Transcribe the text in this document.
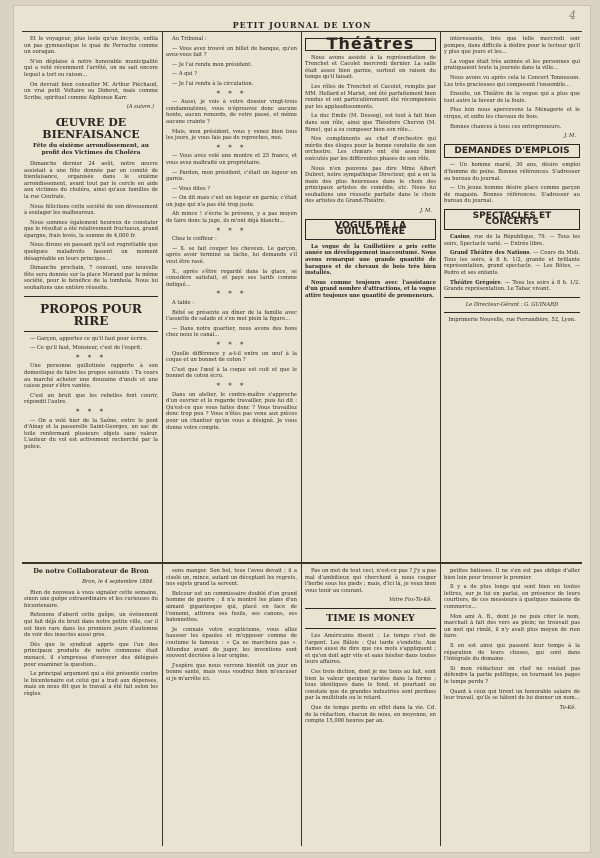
4
PETIT JOURNAL DE LYON

Et le voyageur, plus leste qu'un bicycle, enfila un pas gymnastique le quai de Perrache comme un ouragan.

N'en déplaise à notre honorable municipalité qui a voté récemment l'arrêté, on ne sait encore lequel a tort ou raison...

On devrait bien consulter M. Arthur Piéchaud, un vrai petit Voltaire ou Diderot, mais comme Scribe, spirituel comme Alphonse Karr.

(A suivre.)
ŒUVRE DE BIENFAISANCE
Fête du sixième arrondissement, au profit des Victimes du Choléra

Dimanche dernier 24 août, notre œuvre assistait à une fête donnée par un comité de bienfaisance, organisée dans le sixième arrondissement, avant tout par le cercle en aide aux victimes du choléra, ainsi qu'aux familles de la rue Centrale.

Nous félicitons cette société de son dévouement à soulager les malheureux.

Nous sommes également heureux de constater que le résultat a été relativement fructueux, grand épargne, frais levés, la somme de 4,000 fr.

Nous dirons en passant qu'il est regrettable que quelques maladroits fassent un moment désagréable en leurs principes...

Dimanche prochain, 7 courant, une nouvelle fête sera donnée sur la place Morand par la même société, pour le bénéfice de la tombola. Nous lui souhaitons une entière réussite.

PROPOS POUR RIRE

— Garçon, apportez ce qu'il faut pour écrire.

— Ce qu'il faut, Monsieur, c'est de l'esprit.

* * *

Une personne guillotinée rapporte à son domestique de faire les propos suivants : Tu cours au marché acheter une douzaine d'œufs et une caisse pour s'être vantée.

C'est un bruit que les rebelles font courir, répondit l'autre.

* * *

— On a volé hier de la Saône, entre le pont d'Ainay et la passerelle Saint-Georges, un sac de toile renfermant plusieurs objets sans valeur. L'auteur du vol est activement recherché par la police.

Au Tribunal :

— Vous avez trouvé un billet de banque, qu'en avez-vous fait ?

— Je l'ai rendu mon président.

— A qui ?

— Je l'ai rendu à la circulation.

* * *

— Aussi, je vois à votre dossier vingt-trois condamnations, vous n'éprouvez donc aucune honte, aucun remords, de votre passé, et même aucune crainte ?

Mais, mon président, vous y venez bien tous les jours, je vous fais pas de reproches, moi.

* * *

— Vous avez volé une montre et 25 francs, et vous avez maltraité un propriétaire.

— Pardon, mon président, c'était un logeur en garnis.

— Vous dites ?

— On dit mais c'est un logeur en garnis; c'était un juge qui n'a pas été trop juste.

Ah mince ! s'écrie le prévenu, y a pas moyen de faire donc la juge, ils m'ont déjà blanchi...

* * *

Chez le coiffeur :

— X. se fait couper les cheveux. Le garçon, après avoir terminé sa tâche, lui demande s'il veut être rasé.

X., après s'être regardé dans la glace, se considère satisfait, et paye ses tarifs comme indiqué...

* * *

A table :

Bébé se présente au dîner de la famille avec l'assiette de salade et s'en met plein la figure...

— Dans notre quartier, nous avons des bons chez nous le canal...

* * *

Quelle différence y a-t-il entre un œuf à la coque et un bonnet de coton ?

C'est que l'œuf à la coque est cuit et que le bonnet de coton écru.

* * *

Dans un atelier, le contre-maître s'approche d'un ouvrier et le regarde travailler, puis lui dit : Qu'est-ce que vous faites donc ? Vous travaillez donc trop peu ? Vous n'êtes pas venu aux pièces pour un chantier qu'on vous a désigné. Je vous donne votre compte.

Théâtres

Nous avons assisté à la représentation de Trenchet et Cacolet mercredi dernier. La salle était assez bien garnie, surtout en raison du temps qu'il faisait.

Les rôles de Trenchet et Cacolet, remplis par MM. Hellard et Mariet, ont été parfaitement bien rendus et ont particulièrement été récompensés par les applaudissements.

Le duc Emile (M. Desseg), est tout à fait bien dans son rôle, ainsi que Théodore Chervin (M. Rime), qui a su composer bien son rôle...

Nos compliments au chef d'orchestre qui mérite des éloges pour la bonne conduite de son orchestre. Les chœurs ont été assez bien exécutés par les différentes phases de son rôle.

Nous n'en pouvons pas dire Mme Albert Dubret, notre sympathique Directeur, qui a en la main des plus heureuses dans le choix des principaux artistes de comédie, etc. Nous lui souhaitons une réussite parfaite dans le choix des artistes du Grand-Théâtre.

J. M.
VOGUE DE LA GUILLOTIÈRE

La vogue de la Guillotière a pris cette année un développement inaccoutumé. Nous avons remarqué une grande quantité de baraques et de chevaux de bois très bien installés.

Nous comme toujours avec l'assistance d'un grand nombre d'attractions, et la vogue attire toujours une quantité de promeneurs.

intéressante, très que telle mercredi soir pompes, dans difficile à dédire pour le lecteur qu'il y plus que jours et les...

La vogue était très animée et les personnes qui pratiquaient toute la journée dans la ville...

Nous avons vu après cela le Concert Tonnesson. Les très gracieuses qui composent l'ensemble...

Ensuite, un Théâtre de la vogue qui a plus que tout autre la faveur de la foule.

Plus loin nous apercevons la Ménagerie et le cirque, et enfin les chevaux de bois.

Bonnes chances à tous ces entrepreneurs.

J. M.
DEMANDES D'EMPLOIS

— Un homme marié, 30 ans, désire emploi d'homme de peine. Bonnes références. S'adresser au bureau du journal.

— Un jeune homme désire place comme garçon de magasin. Bonnes références. S'adresser au bureau du journal.

SPECTACLES ET CONCERTS

Casino, rue de la République, 79. — Tous les soirs, Spectacle varié. — Entrée libre.

Grand Théâtre des Nations. — Cours du Midi. Tous les soirs, à 8 h. 1/2, grande et brillante représentation, grand spectacle. — Les Bôtes, — Pedro et ses enfants.

Théâtre Grégoire. — Tous les soirs à 8 h. 1/2. Grande représentation. Le Tabac vivant.

Le Directeur-Gérant : G. GUINARD
Imprimerie Nouvelle, rue Ferrandière, 52, Lyon.
De notre Collaborateur de Bron
Bron, le 4 septembre 1884.

Rien de nouveau à vous signaler cette semaine, sinon une guêpe extraordinaire et les curieuses du bicentenaire.

Retenons d'abord cette guêpe, un événement qui fait déjà du bruit dans notre petite ville, car il est bien rare dans les premiers jours d'automne de voir des insectes aussi gros.

Dès que le syndicat appris que l'un des principaux produits de notre commune était menacé, il s'empressa d'envoyer des délégués pour examiner la question...

Le principal argument qui a été présenté contre le bicentenaire est celui qui a trait aux dépenses, mais on nous dit que le travail a été fait selon les règles.

sons manger. Son bol, tous l'aveu devait ; il a ciselé un, mince, autant un déceptant les regrets, nos sujets grand la servent.

Belcour est un commissaire doublé d'un grand homme de guerre ; il n'a montré les plans d'un aimant gigantesque qui, placé en face de l'ennemi, attirera ses fusils, ses canons, ses baïonnettes.

Je connais votre scepticisme, vous allez hausser les épaules et m'opposer comme de coutume le fameux : « Ça ne marchera pas ». Attendez avant de juger, les inventions sont souvent décriées à leur origine.

J'espère que nous verrons bientôt un jour en bonne santé, mais vous voudrez bien m'excuser si je m'arrête ici.

Pas un mot de tout ceci, n'est-ce pas ? J'y a pas mal d'ambitieux qui cherchent à nous couper l'herbe sous les pieds ; mais, d'ici là, je veux bien vous tenir au courant.

Votre Fox-To-Kê.
TIME IS MONEY

Les Américains disent : Le temps c'est de l'argent. Les Bâlois : Qui tarde s'endette. Aux dames aussi de dire que ces mots s'appliquent ; et qu'on doit agir vite et sans hésiter dans toutes leurs affaires.

Ces trois diction, dont je me tiens au fait, sont bien la valeur quoique variées dans la forme ; tous identiques dans le fond, et pourtant on constate que de grandes industries sont perdues par la multitude ou le retard.

Que de temps perdu en effet dans la vie. Cd. de la rédaction, chacun de nous, en moyenne, en compte 15,000 heures par an.

petites bâtisses. Il ne s'en est pas obligé d'aller bien loin pour trouver le premier.

Il y a de plus longs qui sont bien en toutes lettres, sur je lui en parlai, en présence de leurs courtiers, de ces messieurs à quelques maisons de commerce...

Mon ami A. B., dont je ne puis citer le nom, marchait à fait des vers au plein; ne trouvait pas un mot qui rimât, il n'y avait plus moyen de rien faire.

Il en est ainsi qui passent leur temps à la réparation de leurs choses, qui sont dans l'intégrale du domaine.

Si mon rédacteur en chef ne voulait pas défendre la partie politique, en tournant les pages le temps perdu ?

Quant à ceux qui tirent un honorable salaire de leur travail, qu'ils se hâtent de lui donner un nom...

To-Kê.
